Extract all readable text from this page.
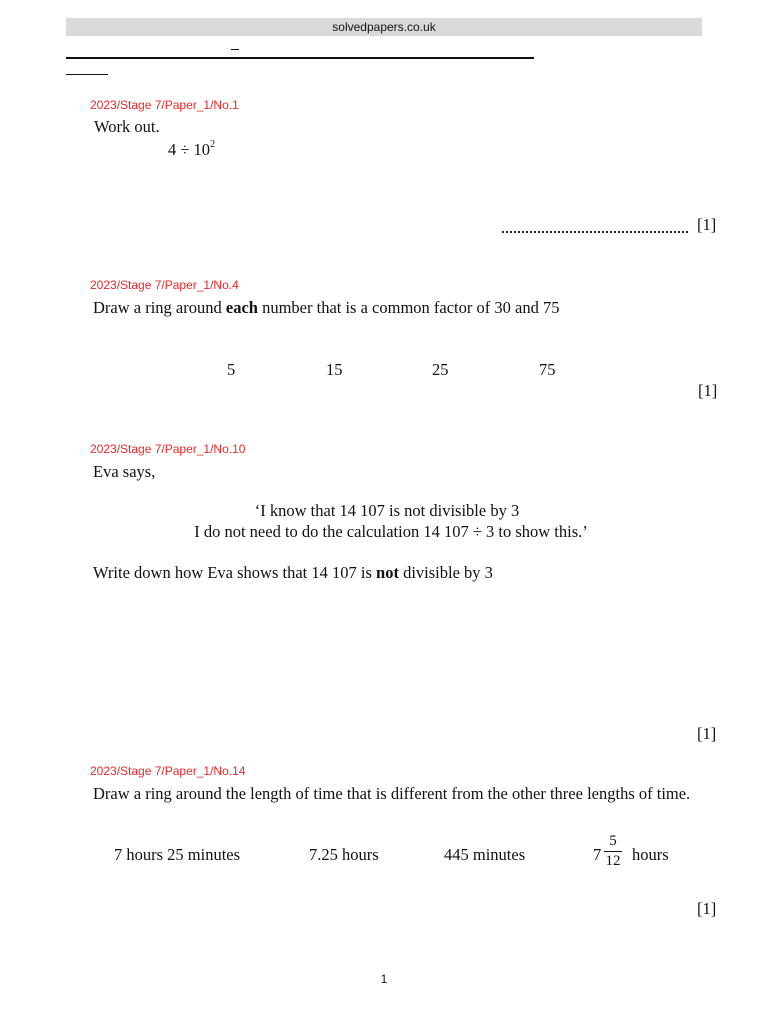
solvedpapers.co.uk
2023/Stage 7/Paper_1/No.1
Work out.
$4 \div 10^2$
[1]
2023/Stage 7/Paper_1/No.4
Draw a ring around each number that is a common factor of 30 and 75
5	15	25	75
[1]
2023/Stage 7/Paper_1/No.10
Eva says,
‘I know that 14 107 is not divisible by 3
I do not need to do the calculation 14 107 ÷ 3 to show this.’
Write down how Eva shows that 14 107 is not divisible by 3
[1]
2023/Stage 7/Paper_1/No.14
Draw a ring around the length of time that is different from the other three lengths of time.
7 hours 25 minutes	7.25 hours	445 minutes	7
5
12 hours
[1]
1
